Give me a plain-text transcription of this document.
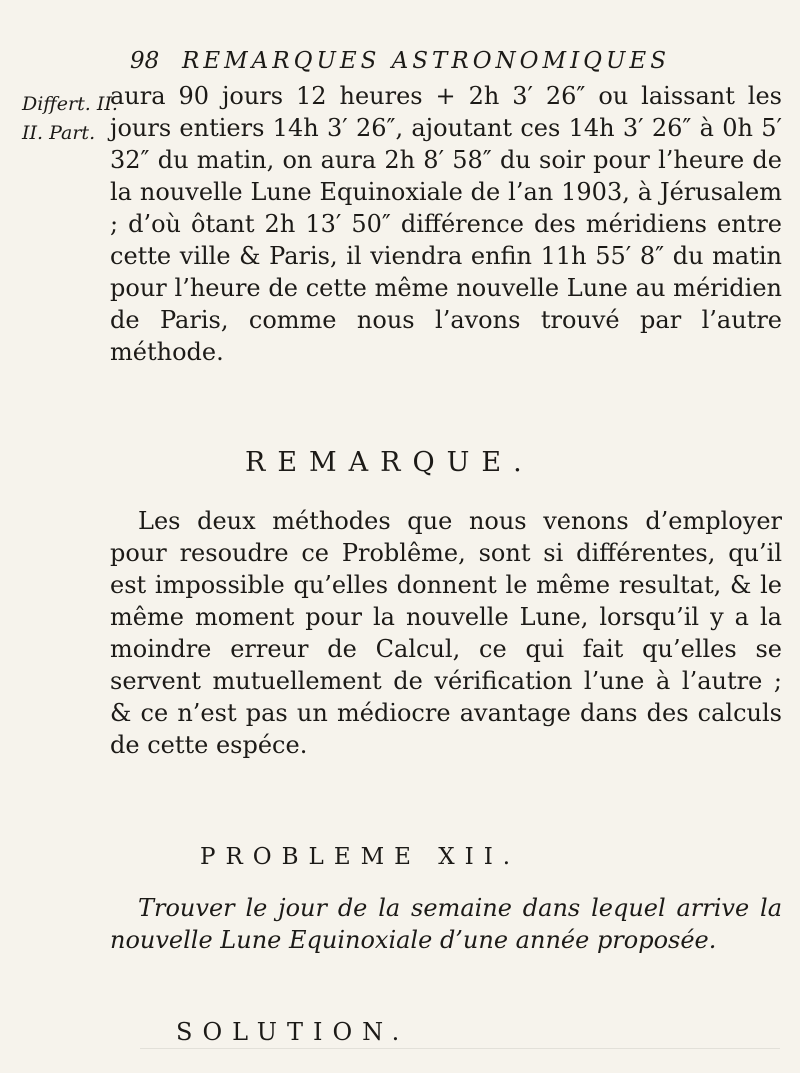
98 REMARQUES ASTRONOMIQUES
Differt. II.
II. Part.
aura 90 jours 12 heures + 2h 3′ 26″ ou laissant les jours entiers 14h 3′ 26″, ajoutant ces 14h 3′ 26″ à 0h 5′ 32″ du matin, on aura 2h 8′ 58″ du soir pour l’heure de la nouvelle Lune Equinoxiale de l’an 1903, à Jérusalem ; d’où ôtant 2h 13′ 50″ différence des méridiens entre cette ville & Paris, il viendra enfin 11h 55′ 8″ du matin pour l’heure de cette même nouvelle Lune au méridien de Paris, comme nous l’avons trouvé par l’autre méthode.
REMARQUE.
Les deux méthodes que nous venons d’employer pour resoudre ce Problême, sont si différentes, qu’il est impossible qu’elles donnent le même resultat, & le même moment pour la nouvelle Lune, lorsqu’il y a la moindre erreur de Calcul, ce qui fait qu’elles se servent mutuellement de vérification l’une à l’autre ; & ce n’est pas un médiocre avantage dans des calculs de cette espéce.
PROBLEME XII.
Trouver le jour de la semaine dans lequel arrive la nouvelle Lune Equinoxiale d’une année proposée.
SOLUTION.
